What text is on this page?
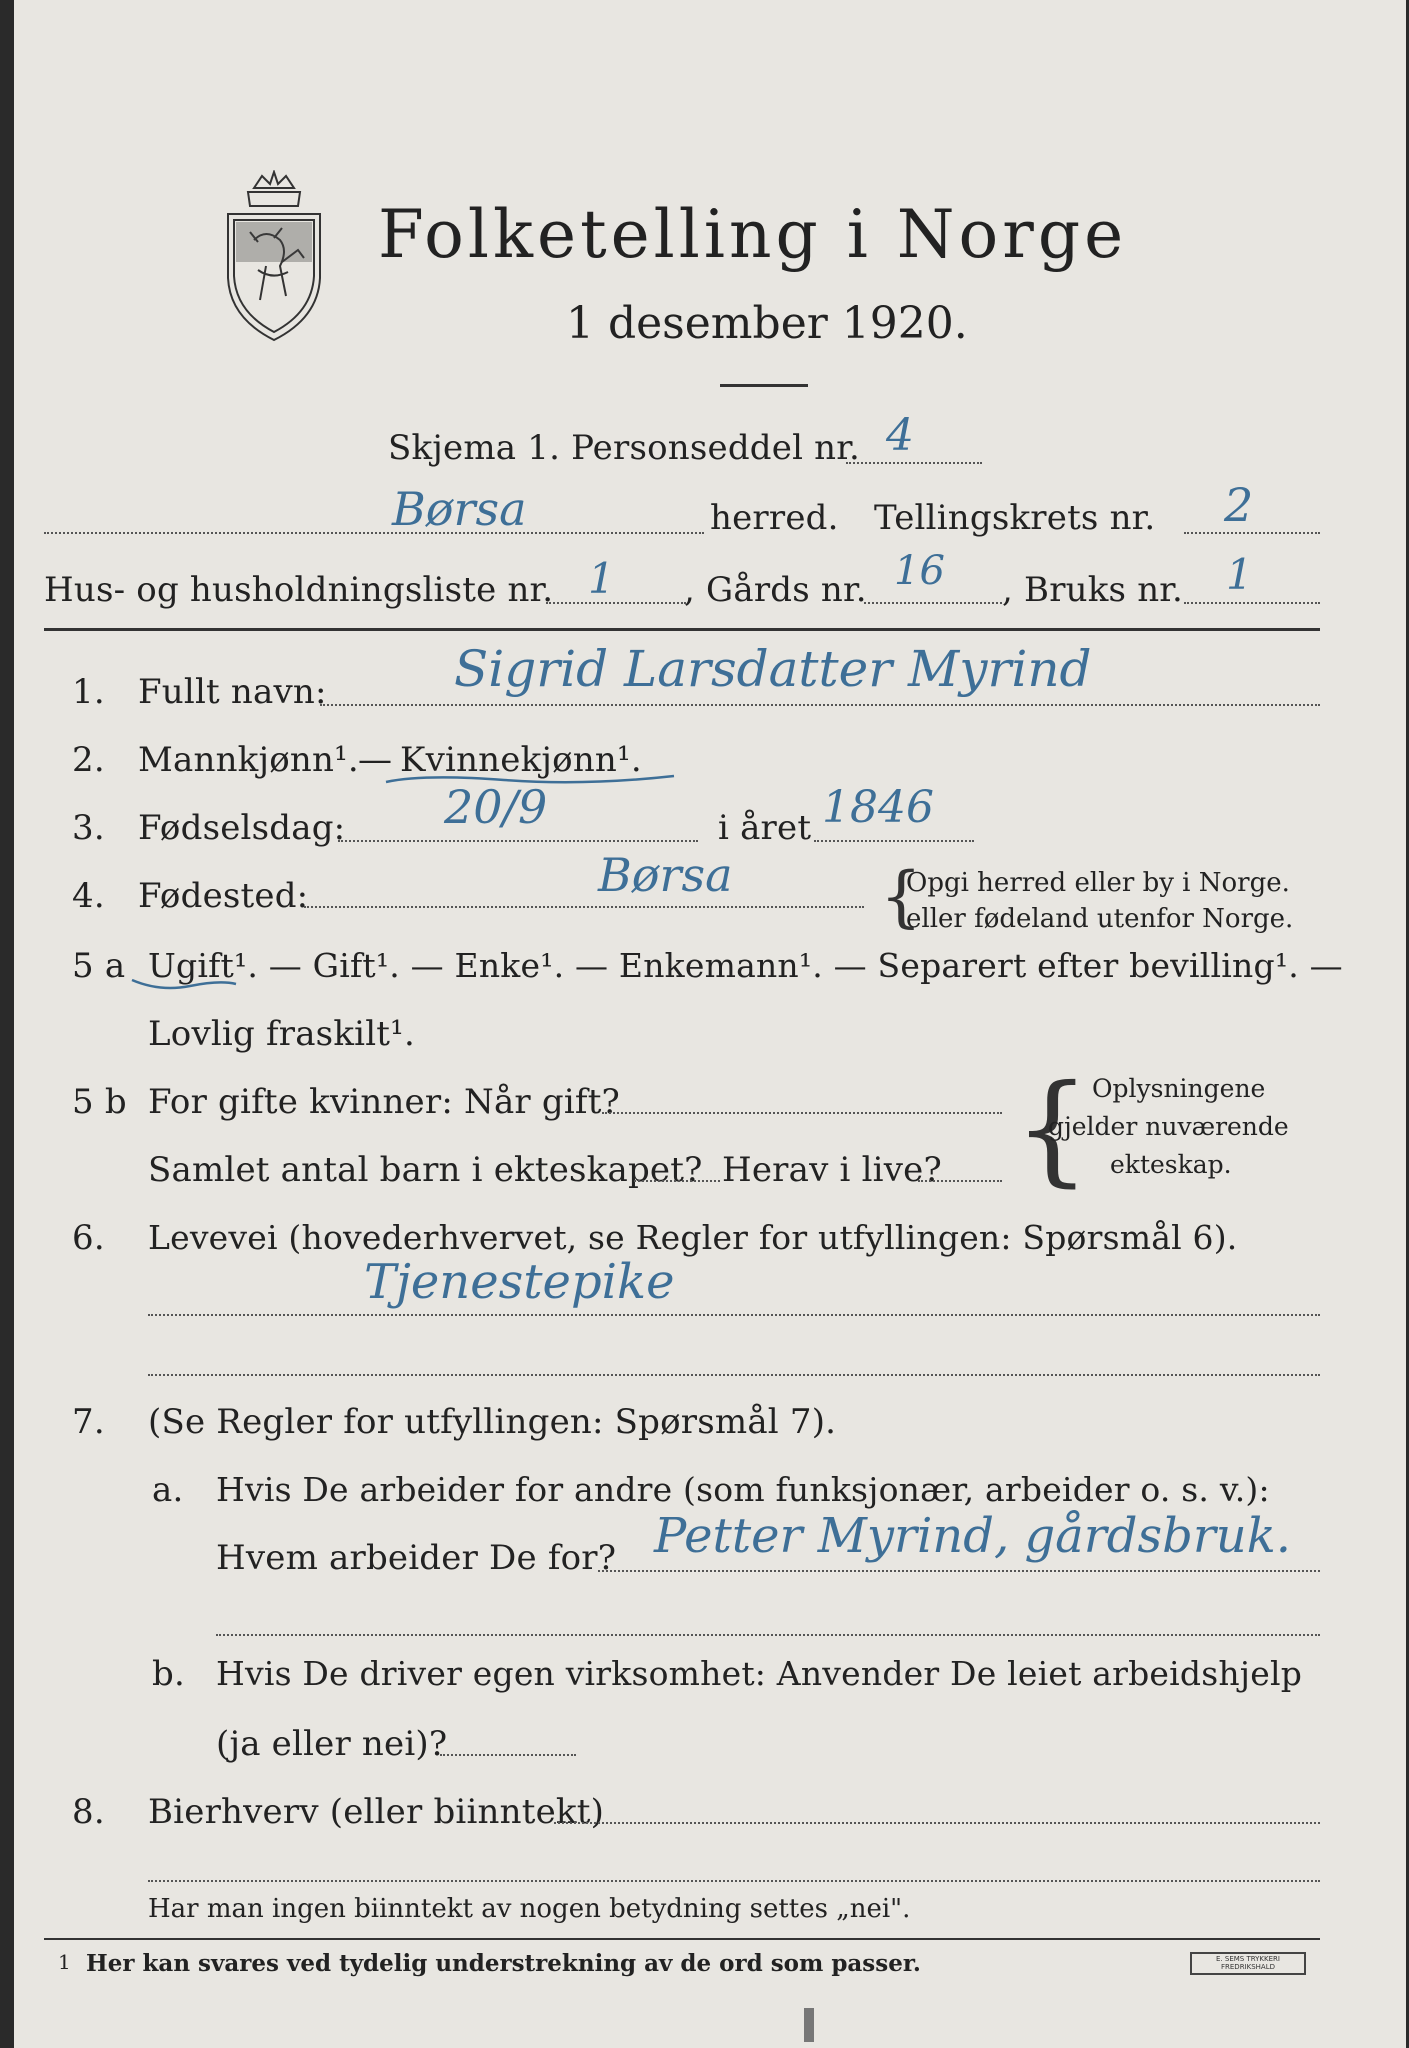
Folketelling i Norge
1 desember 1920.
Skjema 1. Personseddel nr. 4
Børsa	herred. Tellingskrets nr. 2
Hus- og husholdningsliste nr. 1 , Gårds nr. 16 , Bruks nr. 1
1. Fullt navn:	Sigrid Larsdatter Myrind
2. Mannkjønn¹. — Kvinnekjønn¹.
3. Fødselsdag: 20/9	i året 1846
4. Fødested:	Børsa {
Opgi herred eller by i Norge.
eller fødeland utenfor Norge.
5 a Ugift¹. — Gift¹. — Enke¹. — Enkemann¹. — Separert efter bevilling¹. —
Lovlig fraskilt¹.
5 b For gifte kvinner: Når gift?
Samlet antal barn i ekteskapet? Herav i live? { Oplysningene
gjelder nuværende
ekteskap.
6. Levevei (hovederhvervet, se Regler for utfyllingen: Spørsmål 6).
Tjenestepike
7. (Se Regler for utfyllingen: Spørsmål 7).
a. Hvis De arbeider for andre (som funksjonær, arbeider o. s. v.):
Hvem arbeider De for? Petter Myrind, gårdsbruk.
b. Hvis De driver egen virksomhet: Anvender De leiet arbeidshjelp
(ja eller nei)?
8. Bierhverv (eller biinntekt)
Har man ingen biinntekt av nogen betydning settes „nei".
1 Her kan svares ved tydelig understrekning av de ord som passer.	E. SEMS TRYKKERI
FREDRIKSHALD
